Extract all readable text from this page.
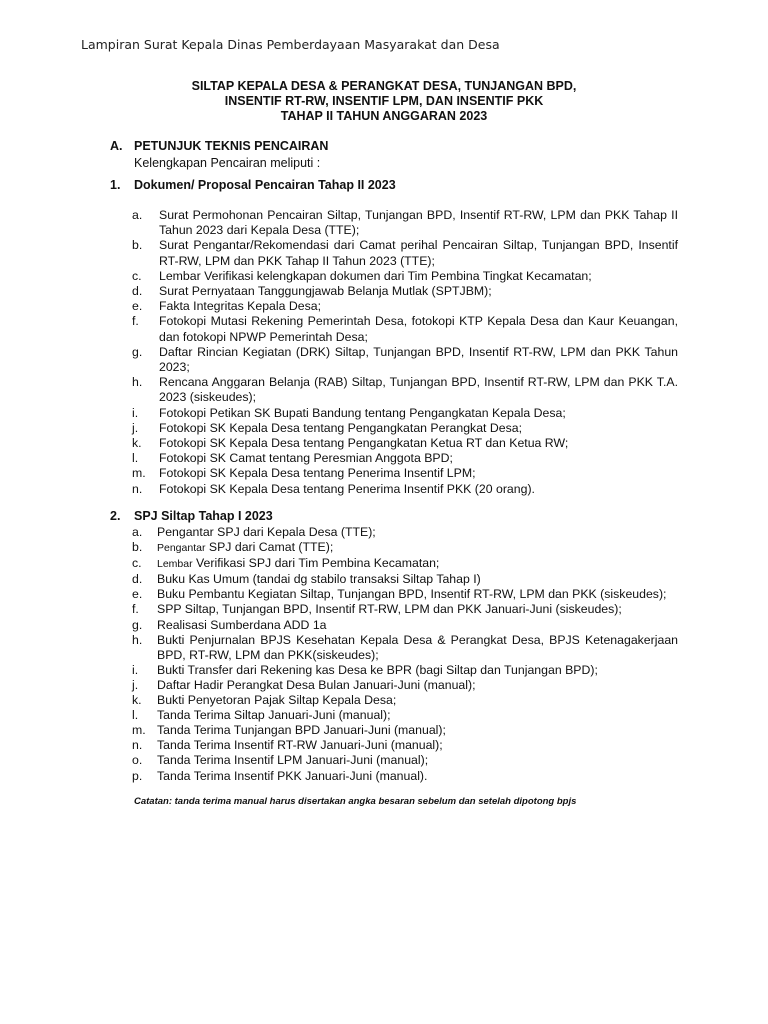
Lampiran Surat Kepala Dinas Pemberdayaan Masyarakat dan Desa
SILTAP KEPALA DESA & PERANGKAT DESA, TUNJANGAN BPD,
INSENTIF RT-RW, INSENTIF LPM, DAN INSENTIF PKK
TAHAP II TAHUN ANGGARAN 2023
A. PETUNJUK TEKNIS PENCAIRAN
Kelengkapan Pencairan meliputi :
1. Dokumen/ Proposal Pencairan Tahap II 2023
a.	Surat Permohonan Pencairan Siltap, Tunjangan BPD, Insentif RT-RW, LPM dan PKK Tahap II Tahun 2023 dari Kepala Desa (TTE);
b.	Surat Pengantar/Rekomendasi dari Camat perihal Pencairan Siltap, Tunjangan BPD, Insentif RT-RW, LPM dan PKK Tahap II Tahun 2023 (TTE);
c.	Lembar Verifikasi kelengkapan dokumen dari Tim Pembina Tingkat Kecamatan;
d.	Surat Pernyataan Tanggungjawab Belanja Mutlak (SPTJBM);
e.	Fakta Integritas Kepala Desa;
f.	Fotokopi Mutasi Rekening Pemerintah Desa, fotokopi KTP Kepala Desa dan Kaur Keuangan, dan fotokopi NPWP Pemerintah Desa;
g.	Daftar Rincian Kegiatan (DRK) Siltap, Tunjangan BPD, Insentif RT-RW, LPM dan PKK Tahun 2023;
h.	Rencana Anggaran Belanja (RAB) Siltap, Tunjangan BPD, Insentif RT-RW, LPM dan PKK T.A. 2023 (siskeudes);
i.	Fotokopi Petikan SK Bupati Bandung tentang Pengangkatan Kepala Desa;
j.	Fotokopi SK Kepala Desa tentang Pengangkatan Perangkat Desa;
k.	Fotokopi SK Kepala Desa tentang Pengangkatan Ketua RT dan Ketua RW;
l.	Fotokopi SK Camat tentang Peresmian Anggota BPD;
m.	Fotokopi SK Kepala Desa tentang Penerima Insentif LPM;
n.	Fotokopi SK Kepala Desa tentang Penerima Insentif PKK (20 orang).
2. SPJ Siltap Tahap I 2023
a.	Pengantar SPJ dari Kepala Desa (TTE);
b.	Pengantar SPJ dari Camat (TTE);
c.	Lembar Verifikasi SPJ dari Tim Pembina Kecamatan;
d.	Buku Kas Umum (tandai dg stabilo transaksi Siltap Tahap I)
e.	Buku Pembantu Kegiatan Siltap, Tunjangan BPD, Insentif RT-RW, LPM dan PKK (siskeudes);
f.	SPP Siltap, Tunjangan BPD, Insentif RT-RW, LPM dan PKK Januari-Juni (siskeudes);
g.	Realisasi Sumberdana ADD 1a
h.	Bukti Penjurnalan BPJS Kesehatan Kepala Desa & Perangkat Desa, BPJS Ketenagakerjaan BPD, RT-RW, LPM dan PKK(siskeudes);
i.	Bukti Transfer dari Rekening kas Desa ke BPR (bagi Siltap dan Tunjangan BPD);
j.	Daftar Hadir Perangkat Desa Bulan Januari-Juni (manual);
k.	Bukti Penyetoran Pajak Siltap Kepala Desa;
l.	Tanda Terima Siltap Januari-Juni (manual);
m. Tanda Terima Tunjangan BPD Januari-Juni (manual);
n.	Tanda Terima Insentif RT-RW Januari-Juni (manual);
o.	Tanda Terima Insentif LPM Januari-Juni (manual);
p.	Tanda Terima Insentif PKK Januari-Juni (manual).
Catatan: tanda terima manual harus disertakan angka besaran sebelum dan setelah dipotong bpjs
